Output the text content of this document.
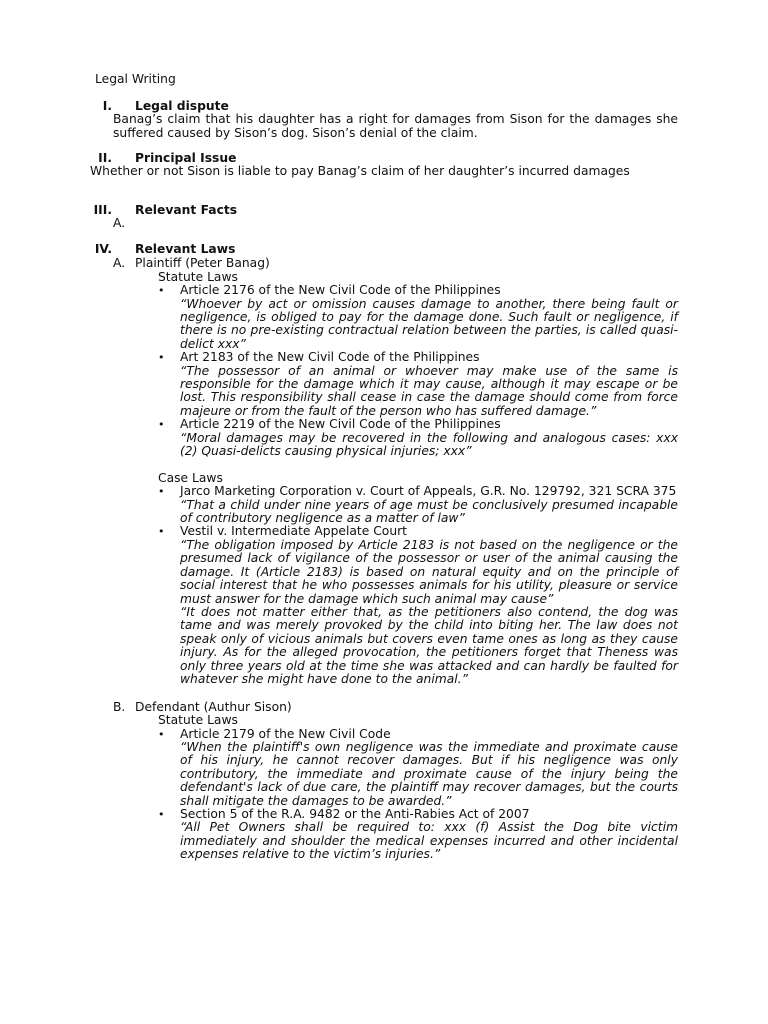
Legal Writing
I. Legal dispute
Banag’s claim that his daughter has a right for damages from Sison for the damages she suffered caused by Sison’s dog. Sison’s denial of the claim.
II. Principal Issue
Whether or not Sison is liable to pay Banag’s claim of her daughter’s incurred damages
III. Relevant Facts
A.
IV. Relevant Laws
A. Plaintiff (Peter Banag)
Statute Laws
• Article 2176 of the New Civil Code of the Philippines
“Whoever by act or omission causes damage to another, there being fault or negligence, is obliged to pay for the damage done. Such fault or negligence, if there is no pre-existing contractual relation between the parties, is called quasi-delict xxx”
• Art 2183 of the New Civil Code of the Philippines
“The possessor of an animal or whoever may make use of the same is responsible for the damage which it may cause, although it may escape or be lost. This responsibility shall cease in case the damage should come from force majeure or from the fault of the person who has suffered damage.”
• Article 2219 of the New Civil Code of the Philippines
“Moral damages may be recovered in the following and analogous cases: xxx (2) Quasi-delicts causing physical injuries; xxx”
Case Laws
• Jarco Marketing Corporation v. Court of Appeals, G.R. No. 129792, 321 SCRA 375
“That a child under nine years of age must be conclusively presumed incapable of contributory negligence as a matter of law”
• Vestil v. Intermediate Appelate Court
“The obligation imposed by Article 2183 is not based on the negligence or the presumed lack of vigilance of the possessor or user of the animal causing the damage. It (Article 2183) is based on natural equity and on the principle of social interest that he who possesses animals for his utility, pleasure or service must answer for the damage which such animal may cause”
“It does not matter either that, as the petitioners also contend, the dog was tame and was merely provoked by the child into biting her. The law does not speak only of vicious animals but covers even tame ones as long as they cause injury. As for the alleged provocation, the petitioners forget that Theness was only three years old at the time she was attacked and can hardly be faulted for whatever she might have done to the animal.”
B. Defendant (Authur Sison)
Statute Laws
• Article 2179 of the New Civil Code
“When the plaintiff's own negligence was the immediate and proximate cause of his injury, he cannot recover damages. But if his negligence was only contributory, the immediate and proximate cause of the injury being the defendant's lack of due care, the plaintiff may recover damages, but the courts shall mitigate the damages to be awarded.”
• Section 5 of the R.A. 9482 or the Anti-Rabies Act of 2007
“All Pet Owners shall be required to: xxx (f) Assist the Dog bite victim immediately and shoulder the medical expenses incurred and other incidental expenses relative to the victim’s injuries.”
